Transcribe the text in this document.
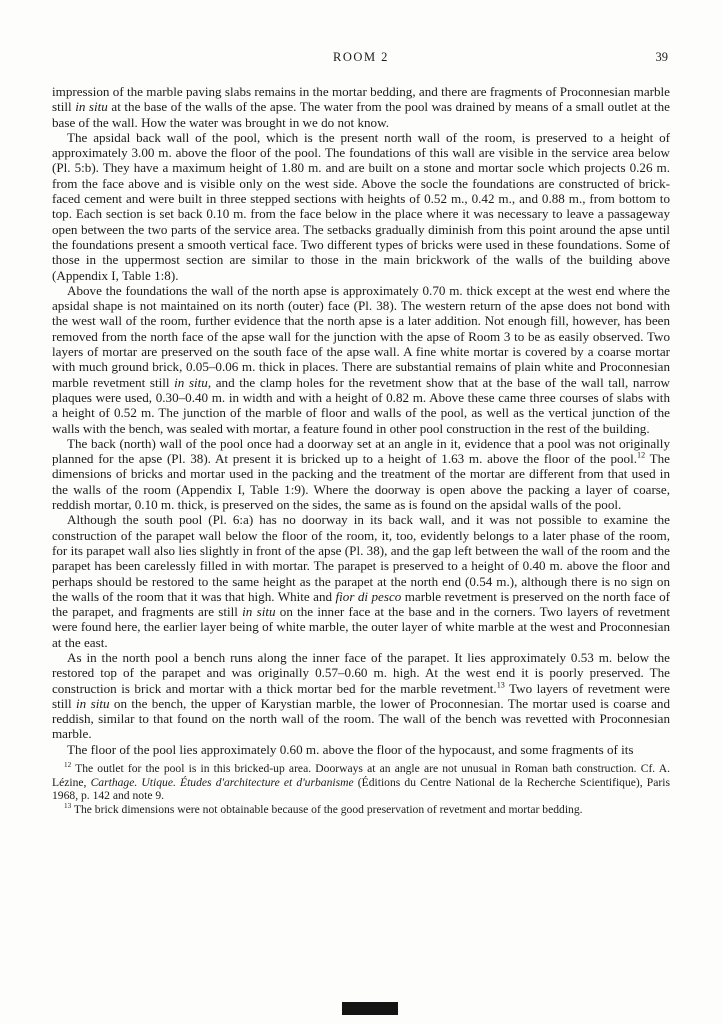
ROOM 2	39

impression of the marble paving slabs remains in the mortar bedding, and there are fragments of Proconnesian marble still in situ at the base of the walls of the apse. The water from the pool was drained by means of a small outlet at the base of the wall. How the water was brought in we do not know.

The apsidal back wall of the pool, which is the present north wall of the room, is preserved to a height of approximately 3.00 m. above the floor of the pool. The foundations of this wall are visible in the service area below (Pl. 5:b). They have a maximum height of 1.80 m. and are built on a stone and mortar socle which projects 0.26 m. from the face above and is visible only on the west side. Above the socle the foundations are constructed of brick-faced cement and were built in three stepped sections with heights of 0.52 m., 0.42 m., and 0.88 m., from bottom to top. Each section is set back 0.10 m. from the face below in the place where it was necessary to leave a passageway open between the two parts of the service area. The setbacks gradually diminish from this point around the apse until the foundations present a smooth vertical face. Two different types of bricks were used in these foundations. Some of those in the uppermost section are similar to those in the main brickwork of the walls of the building above (Appendix I, Table 1:8).

Above the foundations the wall of the north apse is approximately 0.70 m. thick except at the west end where the apsidal shape is not maintained on its north (outer) face (Pl. 38). The western return of the apse does not bond with the west wall of the room, further evidence that the north apse is a later addition. Not enough fill, however, has been removed from the north face of the apse wall for the junction with the apse of Room 3 to be as easily observed. Two layers of mortar are preserved on the south face of the apse wall. A fine white mortar is covered by a coarse mortar with much ground brick, 0.05–0.06 m. thick in places. There are substantial remains of plain white and Proconnesian marble revetment still in situ, and the clamp holes for the revetment show that at the base of the wall tall, narrow plaques were used, 0.30–0.40 m. in width and with a height of 0.82 m. Above these came three courses of slabs with a height of 0.52 m. The junction of the marble of floor and walls of the pool, as well as the vertical junction of the walls with the bench, was sealed with mortar, a feature found in other pool construction in the rest of the building.

The back (north) wall of the pool once had a doorway set at an angle in it, evidence that a pool was not originally planned for the apse (Pl. 38). At present it is bricked up to a height of 1.63 m. above the floor of the pool.$^{12}$ The dimensions of bricks and mortar used in the packing and the treatment of the mortar are different from that used in the walls of the room (Appendix I, Table 1:9). Where the doorway is open above the packing a layer of coarse, reddish mortar, 0.10 m. thick, is preserved on the sides, the same as is found on the apsidal walls of the pool.

Although the south pool (Pl. 6:a) has no doorway in its back wall, and it was not possible to examine the construction of the parapet wall below the floor of the room, it, too, evidently belongs to a later phase of the room, for its parapet wall also lies slightly in front of the apse (Pl. 38), and the gap left between the wall of the room and the parapet has been carelessly filled in with mortar. The parapet is preserved to a height of 0.40 m. above the floor and perhaps should be restored to the same height as the parapet at the north end (0.54 m.), although there is no sign on the walls of the room that it was that high. White and fior di pesco marble revetment is preserved on the north face of the parapet, and fragments are still in situ on the inner face at the base and in the corners. Two layers of revetment were found here, the earlier layer being of white marble, the outer layer of white marble at the west and Proconnesian at the east.

As in the north pool a bench runs along the inner face of the parapet. It lies approximately 0.53 m. below the restored top of the parapet and was originally 0.57–0.60 m. high. At the west end it is poorly preserved. The construction is brick and mortar with a thick mortar bed for the marble revetment.$^{13}$ Two layers of revetment were still in situ on the bench, the upper of Karystian marble, the lower of Proconnesian. The mortar used is coarse and reddish, similar to that found on the north wall of the room. The wall of the bench was revetted with Proconnesian marble.

The floor of the pool lies approximately 0.60 m. above the floor of the hypocaust, and some fragments of its

$^{12}$ The outlet for the pool is in this bricked-up area. Doorways at an angle are not unusual in Roman bath construction. Cf. A. Lézine, Carthage. Utique. Études d'architecture et d'urbanisme (Éditions du Centre National de la Recherche Scientifique), Paris 1968, p. 142 and note 9.

$^{13}$ The brick dimensions were not obtainable because of the good preservation of revetment and mortar bedding.
